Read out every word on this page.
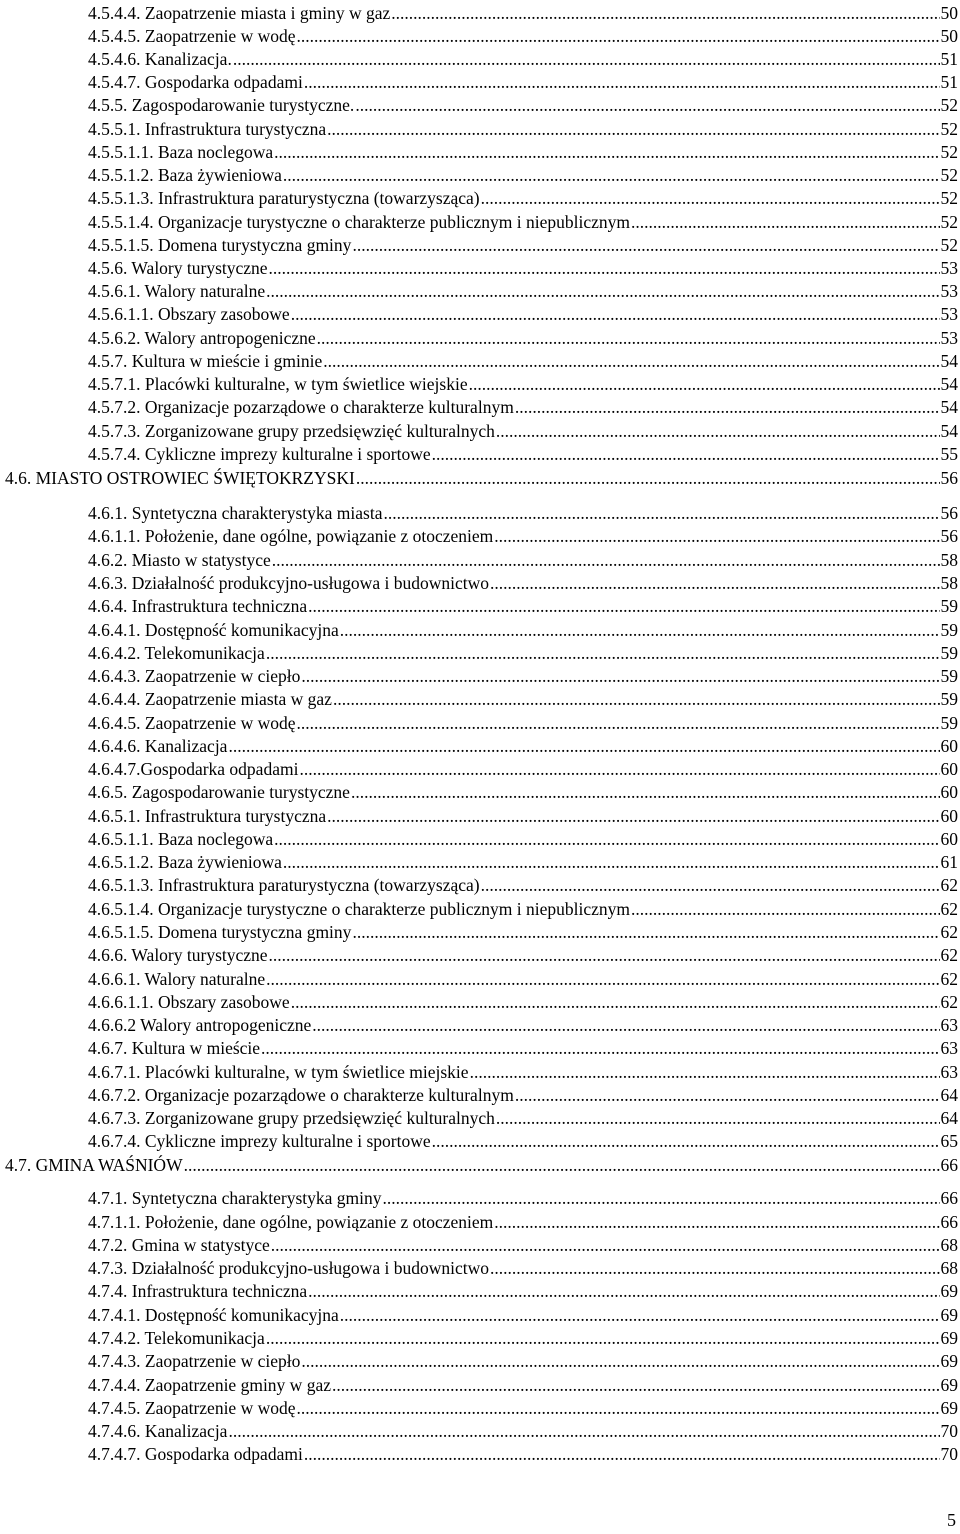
4.5.4.4. Zaopatrzenie miasta i gminy w gaz .....	50
4.5.4.5. Zaopatrzenie w wodę .....	50
4.5.4.6. Kanalizacja. .....	51
4.5.4.7. Gospodarka odpadami .....	51
4.5.5. Zagospodarowanie turystyczne. .....	52
4.5.5.1. Infrastruktura turystyczna .....	52
4.5.5.1.1. Baza noclegowa .....	52
4.5.5.1.2. Baza żywieniowa .....	52
4.5.5.1.3. Infrastruktura paraturystyczna (towarzysząca) .....	52
4.5.5.1.4. Organizacje turystyczne o charakterze publicznym i niepublicznym .....	52
4.5.5.1.5. Domena turystyczna gminy .....	52
4.5.6. Walory turystyczne .....	53
4.5.6.1. Walory naturalne .....	53
4.5.6.1.1. Obszary zasobowe .....	53
4.5.6.2. Walory antropogeniczne .....	53
4.5.7. Kultura w mieście i gminie .....	54
4.5.7.1. Placówki kulturalne, w tym świetlice wiejskie .....	54
4.5.7.2. Organizacje pozarządowe o charakterze kulturalnym .....	54
4.5.7.3. Zorganizowane grupy przedsięwzięć kulturalnych .....	54
4.5.7.4. Cykliczne imprezy kulturalne i sportowe .....	55
4.6. MIASTO OSTROWIEC ŚWIĘTOKRZYSKI .....	56
4.6.1. Syntetyczna charakterystyka miasta .....	56
4.6.1.1. Położenie, dane ogólne, powiązanie z otoczeniem .....	56
4.6.2. Miasto w statystyce .....	58
4.6.3. Działalność produkcyjno-usługowa i budownictwo .....	58
4.6.4. Infrastruktura techniczna .....	59
4.6.4.1. Dostępność komunikacyjna .....	59
4.6.4.2. Telekomunikacja .....	59
4.6.4.3. Zaopatrzenie w ciepło .....	59
4.6.4.4. Zaopatrzenie miasta w gaz .....	59
4.6.4.5. Zaopatrzenie w wodę .....	59
4.6.4.6. Kanalizacja .....	60
4.6.4.7.Gospodarka odpadami .....	60
4.6.5. Zagospodarowanie turystyczne .....	60
4.6.5.1. Infrastruktura turystyczna .....	60
4.6.5.1.1. Baza noclegowa .....	60
4.6.5.1.2. Baza żywieniowa .....	61
4.6.5.1.3. Infrastruktura paraturystyczna (towarzysząca) .....	62
4.6.5.1.4. Organizacje turystyczne o charakterze publicznym i niepublicznym .....	62
4.6.5.1.5. Domena turystyczna gminy .....	62
4.6.6. Walory turystyczne .....	62
4.6.6.1. Walory naturalne .....	62
4.6.6.1.1. Obszary zasobowe .....	62
4.6.6.2 Walory antropogeniczne .....	63
4.6.7. Kultura w mieście .....	63
4.6.7.1. Placówki kulturalne, w tym świetlice miejskie .....	63
4.6.7.2. Organizacje pozarządowe o charakterze kulturalnym .....	64
4.6.7.3. Zorganizowane grupy przedsięwzięć kulturalnych .....	64
4.6.7.4. Cykliczne imprezy kulturalne i sportowe .....	65
4.7. GMINA WAŚNIÓW .....	66
4.7.1. Syntetyczna charakterystyka gminy .....	66
4.7.1.1. Położenie, dane ogólne, powiązanie z otoczeniem .....	66
4.7.2. Gmina w statystyce .....	68
4.7.3. Działalność produkcyjno-usługowa i budownictwo .....	68
4.7.4. Infrastruktura techniczna .....	69
4.7.4.1. Dostępność komunikacyjna .....	69
4.7.4.2. Telekomunikacja .....	69
4.7.4.3. Zaopatrzenie w ciepło .....	69
4.7.4.4. Zaopatrzenie gminy w gaz .....	69
4.7.4.5. Zaopatrzenie w wodę .....	69
4.7.4.6. Kanalizacja .....	70
4.7.4.7. Gospodarka odpadami .....	70
5
